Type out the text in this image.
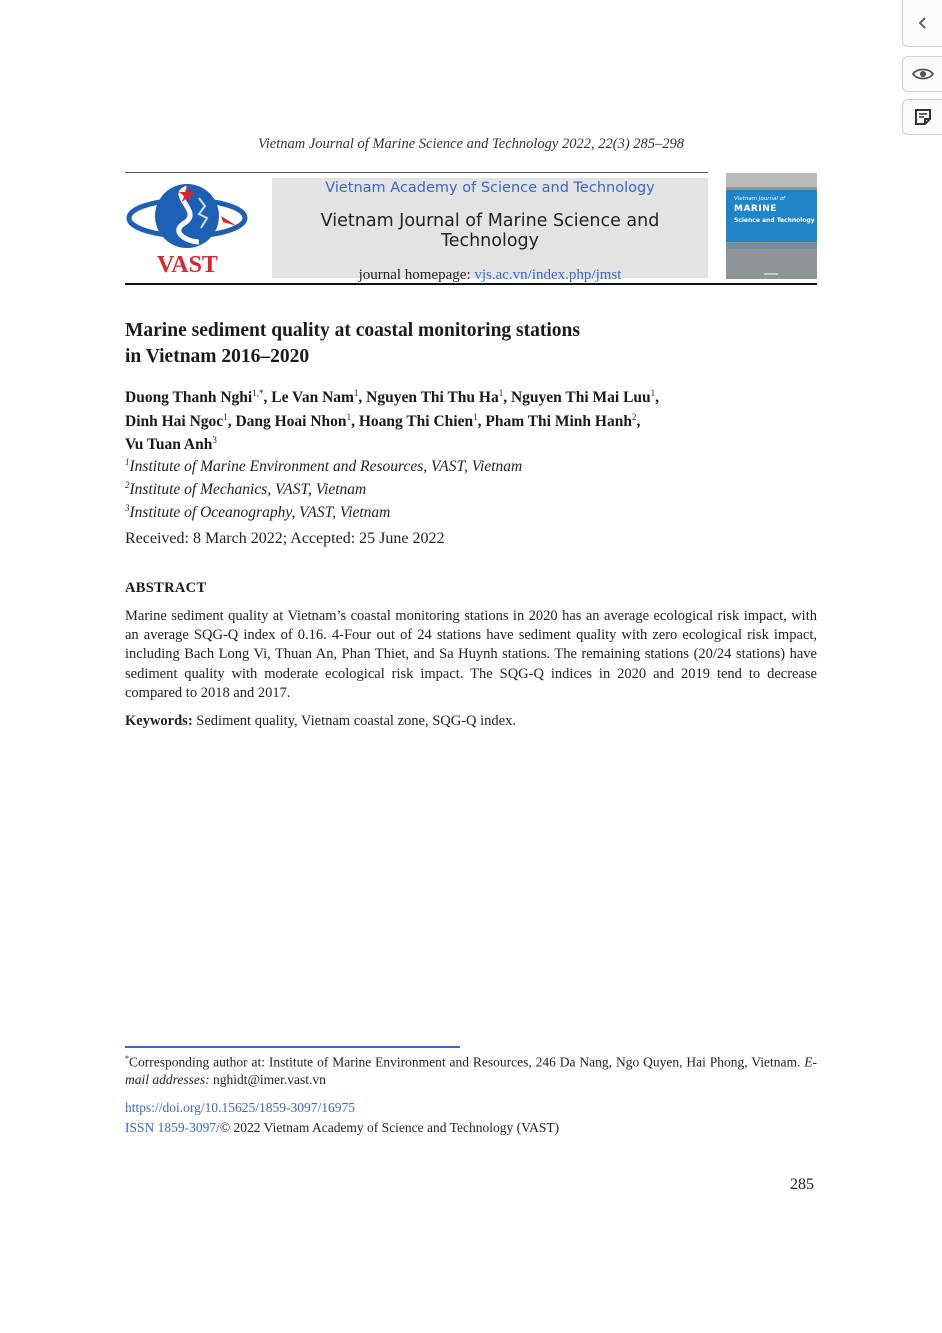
Vietnam Journal of Marine Science and Technology 2022, 22(3) 285–298
VAST
Vietnam Academy of Science and Technology
Vietnam Journal of Marine Science and Technology
journal homepage: vjs.ac.vn/index.php/jmst
Vietnam Journal of
MARINE
Science and Technology
Marine sediment quality at coastal monitoring stations
in Vietnam 2016–2020
Duong Thanh Nghi$^{1,*}$, Le Van Nam$^1$, Nguyen Thi Thu Ha$^1$, Nguyen Thi Mai Luu$^1$,
Dinh Hai Ngoc$^1$, Dang Hoai Nhon$^1$, Hoang Thi Chien$^1$, Pham Thi Minh Hanh$^2$,
Vu Tuan Anh$^3$
$^1$Institute of Marine Environment and Resources, VAST, Vietnam
$^2$Institute of Mechanics, VAST, Vietnam
$^3$Institute of Oceanography, VAST, Vietnam
Received: 8 March 2022; Accepted: 25 June 2022
ABSTRACT
Marine sediment quality at Vietnam’s coastal monitoring stations in 2020 has an average ecological risk impact, with an average SQG-Q index of 0.16. 4-Four out of 24 stations have sediment quality with zero ecological risk impact, including Bach Long Vi, Thuan An, Phan Thiet, and Sa Huynh stations. The remaining stations (20/24 stations) have sediment quality with moderate ecological risk impact. The SQG-Q indices in 2020 and 2019 tend to decrease compared to 2018 and 2017.
Keywords: Sediment quality, Vietnam coastal zone, SQG-Q index.
*Corresponding author at: Institute of Marine Environment and Resources, 246 Da Nang, Ngo Quyen, Hai Phong, Vietnam. E-mail addresses: nghidt@imer.vast.vn
https://doi.org/10.15625/1859-3097/16975
ISSN 1859-3097/© 2022 Vietnam Academy of Science and Technology (VAST)
285
